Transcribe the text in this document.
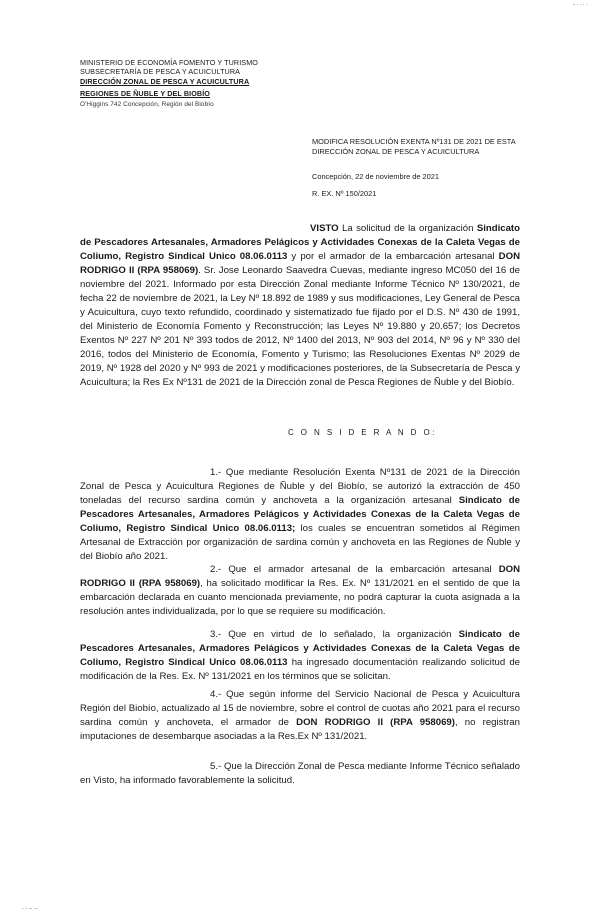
- · ·· ·
MINISTERIO DE ECONOMÍA FOMENTO Y TURISMO
SUBSECRETARÍA DE PESCA Y ACUICULTURA
DIRECCIÓN ZONAL DE PESCA Y ACUICULTURA
REGIONES DE ÑUBLE Y DEL BIOBÍO
O'Higgins 742 Concepción, Región del Biobío
MODIFICA RESOLUCIÓN EXENTA Nº131 DE 2021 DE ESTA
DIRECCIÓN ZONAL DE PESCA Y ACUICULTURA
Concepción, 22 de noviembre de 2021
R. EX. Nº 150/2021
VISTO La solicitud de la organización Sindicato de Pescadores Artesanales, Armadores Pelágicos y Actividades Conexas de la Caleta Vegas de Coliumo, Registro Sindical Unico 08.06.0113 y por el armador de la embarcación artesanal DON RODRIGO II (RPA 958069). Sr. Jose Leonardo Saavedra Cuevas, mediante ingreso MC050 del 16 de noviembre del 2021. Informado por esta Dirección Zonal mediante Informe Técnico Nº 130/2021, de fecha 22 de noviembre de 2021, la Ley Nº 18.892 de 1989 y sus modificaciones, Ley General de Pesca y Acuicultura, cuyo texto refundido, coordinado y sistematizado fue fijado por el D.S. Nº 430 de 1991, del Ministerio de Economía Fomento y Reconstrucción; las Leyes Nº 19.880 y 20.657; los Decretos Exentos Nº 227 Nº 201 Nº 393 todos de 2012, Nº 1400 del 2013, Nº 903 del 2014, Nº 96 y Nº 330 del 2016, todos del Ministerio de Economía, Fomento y Turismo; las Resoluciones Exentas Nº 2029 de 2019, Nº 1928 del 2020 y Nº 993 de 2021 y modificaciones posteriores, de la Subsecretaría de Pesca y Acuicultura; la Res Ex Nº131 de 2021 de la Dirección zonal de Pesca Regiones de Ñuble y del Biobío.
C O N S I D E R A N D O:
1.- Que mediante Resolución Exenta Nº131 de 2021 de la Dirección Zonal de Pesca y Acuicultura Regiones de Ñuble y del Biobío, se autorizó la extracción de 450 toneladas del recurso sardina común y anchoveta a la organización artesanal Sindicato de Pescadores Artesanales, Armadores Pelágicos y Actividades Conexas de la Caleta Vegas de Coliumo, Registro Sindical Unico 08.06.0113; los cuales se encuentran sometidos al Régimen Artesanal de Extracción por organización de sardina común y anchoveta en las Regiones de Ñuble y del Biobío año 2021.
2.- Que el armador artesanal de la embarcación artesanal DON RODRIGO II (RPA 958069), ha solicitado modificar la Res. Ex. Nº 131/2021 en el sentido de que la embarcación declarada en cuanto mencionada previamente, no podrá capturar la cuota asignada a la resolución antes individualizada, por lo que se requiere su modificación.
3.- Que en virtud de lo señalado, la organización Sindicato de Pescadores Artesanales, Armadores Pelágicos y Actividades Conexas de la Caleta Vegas de Coliumo, Registro Sindical Unico 08.06.0113 ha ingresado documentación realizando solicitud de modificación de la Res. Ex. Nº 131/2021 en los términos que se solicitan.
4.- Que según informe del Servicio Nacional de Pesca y Acuicultura Región del Biobío, actualizado al 15 de noviembre, sobre el control de cuotas año 2021 para el recurso sardina común y anchoveta, el armador de DON RODRIGO II (RPA 958069), no registran imputaciones de desembarque asociadas a la Res.Ex Nº 131/2021.
5.- Que la Dirección Zonal de Pesca mediante Informe Técnico señalado en Visto, ha informado favorablemente la solicitud.
- - -- --
